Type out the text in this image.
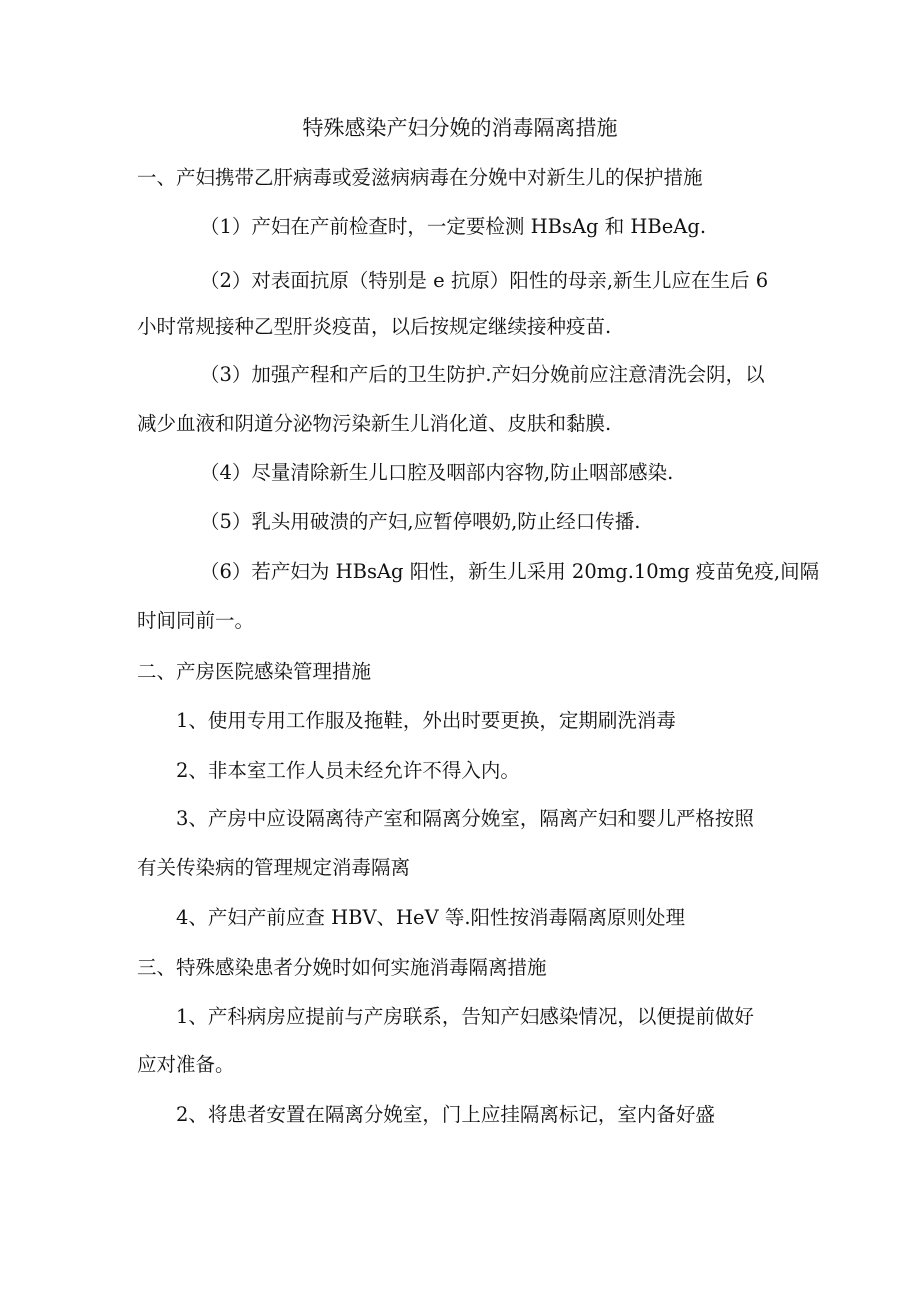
特殊感染产妇分娩的消毒隔离措施
一、产妇携带乙肝病毒或爱滋病病毒在分娩中对新生儿的保护措施
（1）产妇在产前检查时，一定要检测 HBsAg 和 HBeAg.
（2）对表面抗原（特别是 e 抗原）阳性的母亲,新生儿应在生后 6
小时常规接种乙型肝炎疫苗，以后按规定继续接种疫苗.
（3）加强产程和产后的卫生防护.产妇分娩前应注意清洗会阴，以
减少血液和阴道分泌物污染新生儿消化道、皮肤和黏膜.
（4）尽量清除新生儿口腔及咽部内容物,防止咽部感染.
（5）乳头用破溃的产妇,应暂停喂奶,防止经口传播.
（6）若产妇为 HBsAg 阳性，新生儿采用 20mg.10mg 疫苗免疫,间隔
时间同前一。
二、产房医院感染管理措施
1、使用专用工作服及拖鞋，外出时要更换，定期刷洗消毒
2、非本室工作人员未经允许不得入内。
3、产房中应设隔离待产室和隔离分娩室，隔离产妇和婴儿严格按照
有关传染病的管理规定消毒隔离
4、产妇产前应查 HBV、HeV 等.阳性按消毒隔离原则处理
三、特殊感染患者分娩时如何实施消毒隔离措施
1、产科病房应提前与产房联系，告知产妇感染情况，以便提前做好
应对准备。
2、将患者安置在隔离分娩室，门上应挂隔离标记，室内备好盛
